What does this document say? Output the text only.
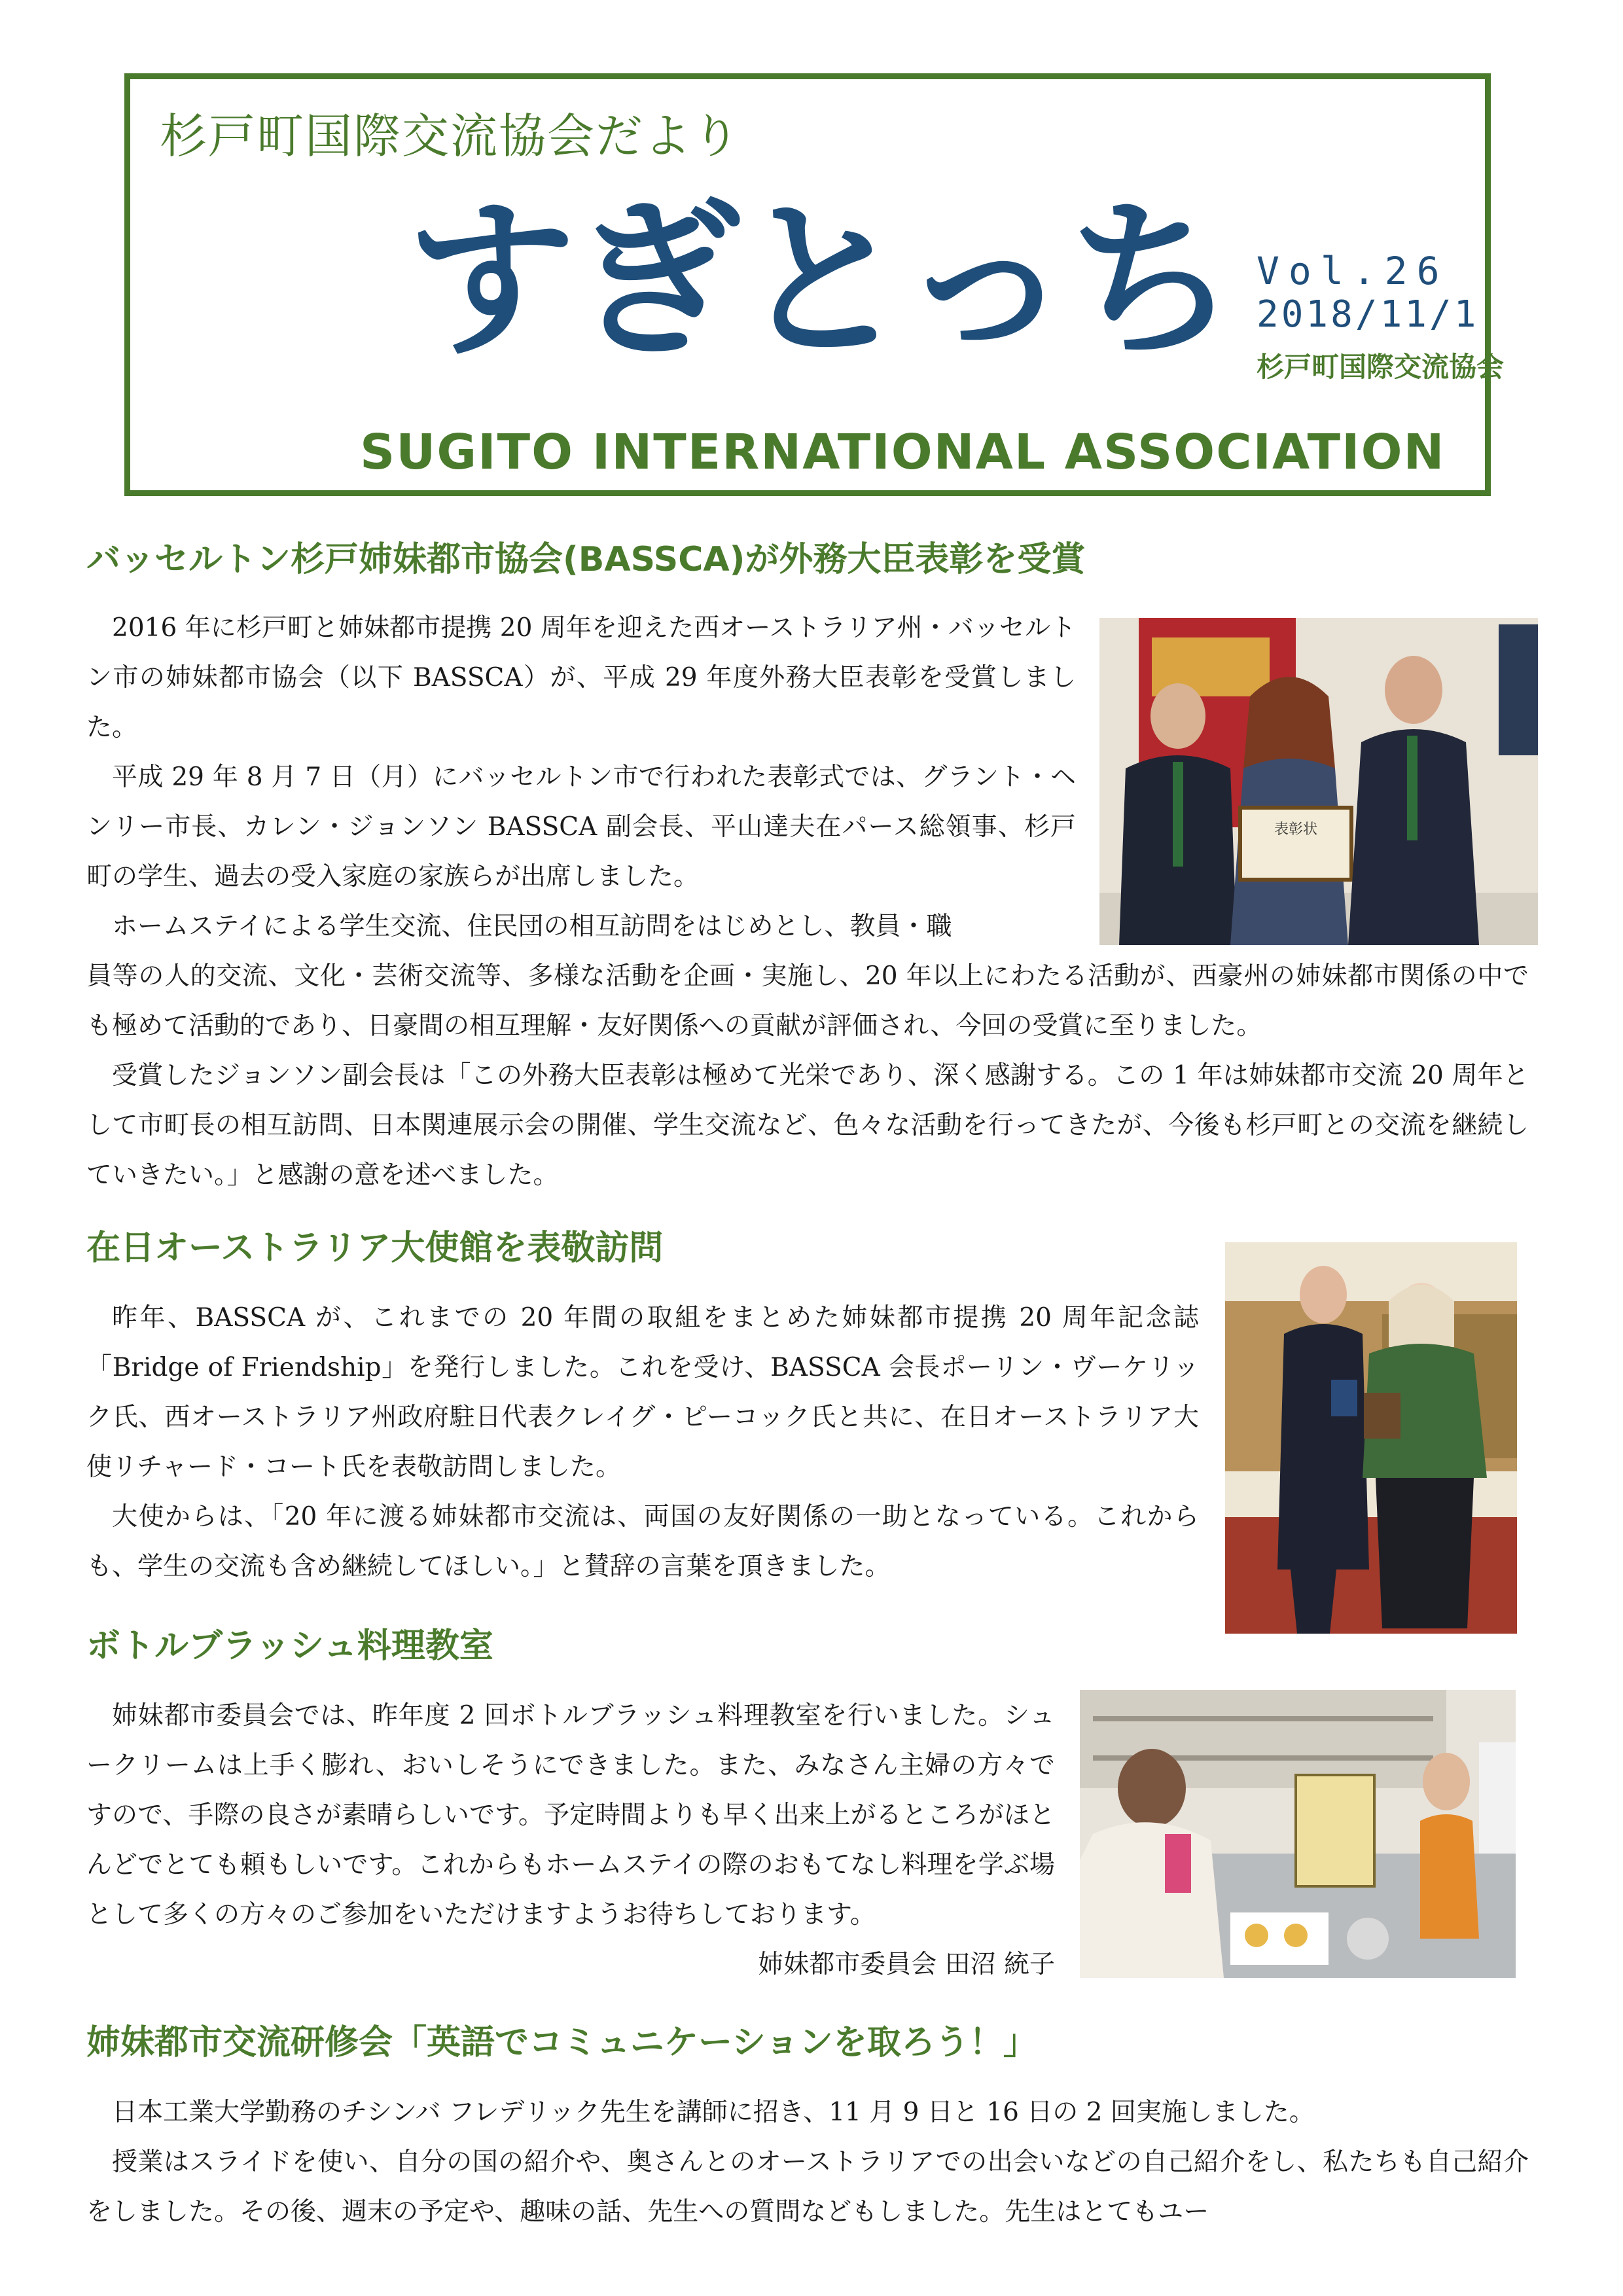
杉戸町国際交流協会だより
すぎとっち Vol.26
2018/11/1
杉戸町国際交流協会
SUGITO INTERNATIONAL ASSOCIATION
バッセルトン杉戸姉妹都市協会(BASSCA)が外務大臣表彰を受賞

2016 年に杉戸町と姉妹都市提携 20 周年を迎えた西オーストラリア州・バッセルトン市の姉妹都市協会（以下 BASSCA）が、平成 29 年度外務大臣表彰を受賞しました。

平成 29 年 8 月 7 日（月）にバッセルトン市で行われた表彰式では、グラント・ヘンリー市長、カレン・ジョンソン BASSCA 副会長、平山達夫在パース総領事、杉戸町の学生、過去の受入家庭の家族らが出席しました。

ホームステイによる学生交流、住民団の相互訪問をはじめとし、教員・職

員等の人的交流、文化・芸術交流等、多様な活動を企画・実施し、20 年以上にわたる活動が、西豪州の姉妹都市関係の中でも極めて活動的であり、日豪間の相互理解・友好関係への貢献が評価され、今回の受賞に至りました。

受賞したジョンソン副会長は「この外務大臣表彰は極めて光栄であり、深く感謝する。この 1 年は姉妹都市交流 20 周年として市町長の相互訪問、日本関連展示会の開催、学生交流など、色々な活動を行ってきたが、今後も杉戸町との交流を継続していきたい。」と感謝の意を述べました。

表彰状
在日オーストラリア大使館を表敬訪問

昨年、BASSCA が、これまでの 20 年間の取組をまとめた姉妹都市提携 20 周年記念誌「Bridge of Friendship」を発行しました。これを受け、BASSCA 会長ポーリン・ヴーケリック氏、西オーストラリア州政府駐日代表クレイグ・ピーコック氏と共に、在日オーストラリア大使リチャード・コート氏を表敬訪問しました。

大使からは、「20 年に渡る姉妹都市交流は、両国の友好関係の一助となっている。これからも、学生の交流も含め継続してほしい。」と賛辞の言葉を頂きました。

ボトルブラッシュ料理教室

姉妹都市委員会では、昨年度 2 回ボトルブラッシュ料理教室を行いました。シュークリームは上手く膨れ、おいしそうにできました。また、みなさん主婦の方々ですので、手際の良さが素晴らしいです。予定時間よりも早く出来上がるところがほとんどでとても頼もしいです。これからもホームステイの際のおもてなし料理を学ぶ場として多くの方々のご参加をいただけますようお待ちしております。
姉妹都市委員会 田沼 統子

姉妹都市交流研修会「英語でコミュニケーションを取ろう！」

日本工業大学勤務のチシンバ フレデリック先生を講師に招き、11 月 9 日と 16 日の 2 回実施しました。

授業はスライドを使い、自分の国の紹介や、奥さんとのオーストラリアでの出会いなどの自己紹介をし、私たちも自己紹介をしました。その後、週末の予定や、趣味の話、先生への質問などもしました。先生はとてもユー
